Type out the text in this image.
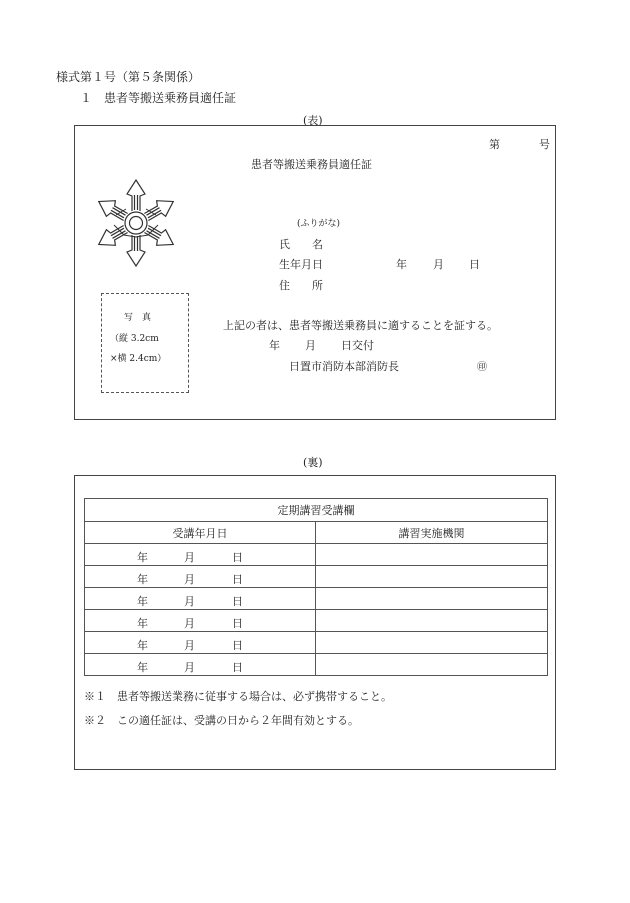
様式第１号（第５条関係）
１　患者等搬送乗務員適任証
(表)
第	号
患者等搬送乗務員適任証
(ふりがな)
氏　　名
生年月日	年 月 日
住　　所
写　真
（縦 3.2cm
×横 2.4cm）
上記の者は、患者等搬送乗務員に適することを証する。
年 月 日交付
日置市消防本部消防長	㊞
(裏)
定期講習受講欄	
受講年月日	講習実施機関

年 月 日	

年 月 日	

年 月 日	

年 月 日	

年 月 日	

年 月 日	

※１　患者等搬送業務に従事する場合は、必ず携帯すること。
※２　この適任証は、受講の日から２年間有効とする。
